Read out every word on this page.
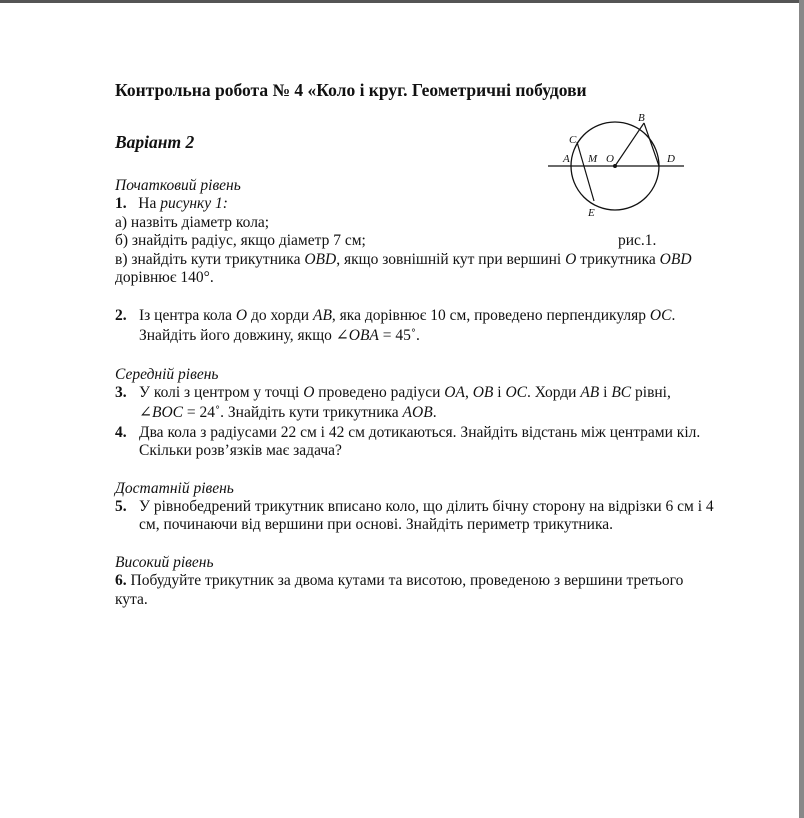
Контрольна робота № 4 «Коло і круг. Геометричні побудови
Варіант 2	C
B
A M O	D
E
Початковий рівень
1. На рисунку 1:
а) назвіть діаметр кола;
б) знайдіть радіус, якщо діаметр 7 см;	рис.1.
в) знайдіть кути трикутника OBD, якщо зовнішній кут при вершині O трикутника OBD
дорівнює 140°.
2. Із центра кола O до хорди AB, яка дорівнює 10 см, проведено перпендикуляр OC.
Знайдіть його довжину, якщо ∠OBA = 45˚.
Середній рівень
3. У колі з центром у точці O проведено радіуси OA, OB і OC. Хорди AB і BC рівні,
∠BOC = 24˚. Знайдіть кути трикутника AOB.
4. Два кола з радіусами 22 см і 42 см дотикаються. Знайдіть відстань між центрами кіл.
Скільки розв’язків має задача?
Достатній рівень
5. У рівнобедрений трикутник вписано коло, що ділить бічну сторону на відрізки 6 см і 4
см, починаючи від вершини при основі. Знайдіть периметр трикутника.
Високий рівень
6. Побудуйте трикутник за двома кутами та висотою, проведеною з вершини третього
кута.
